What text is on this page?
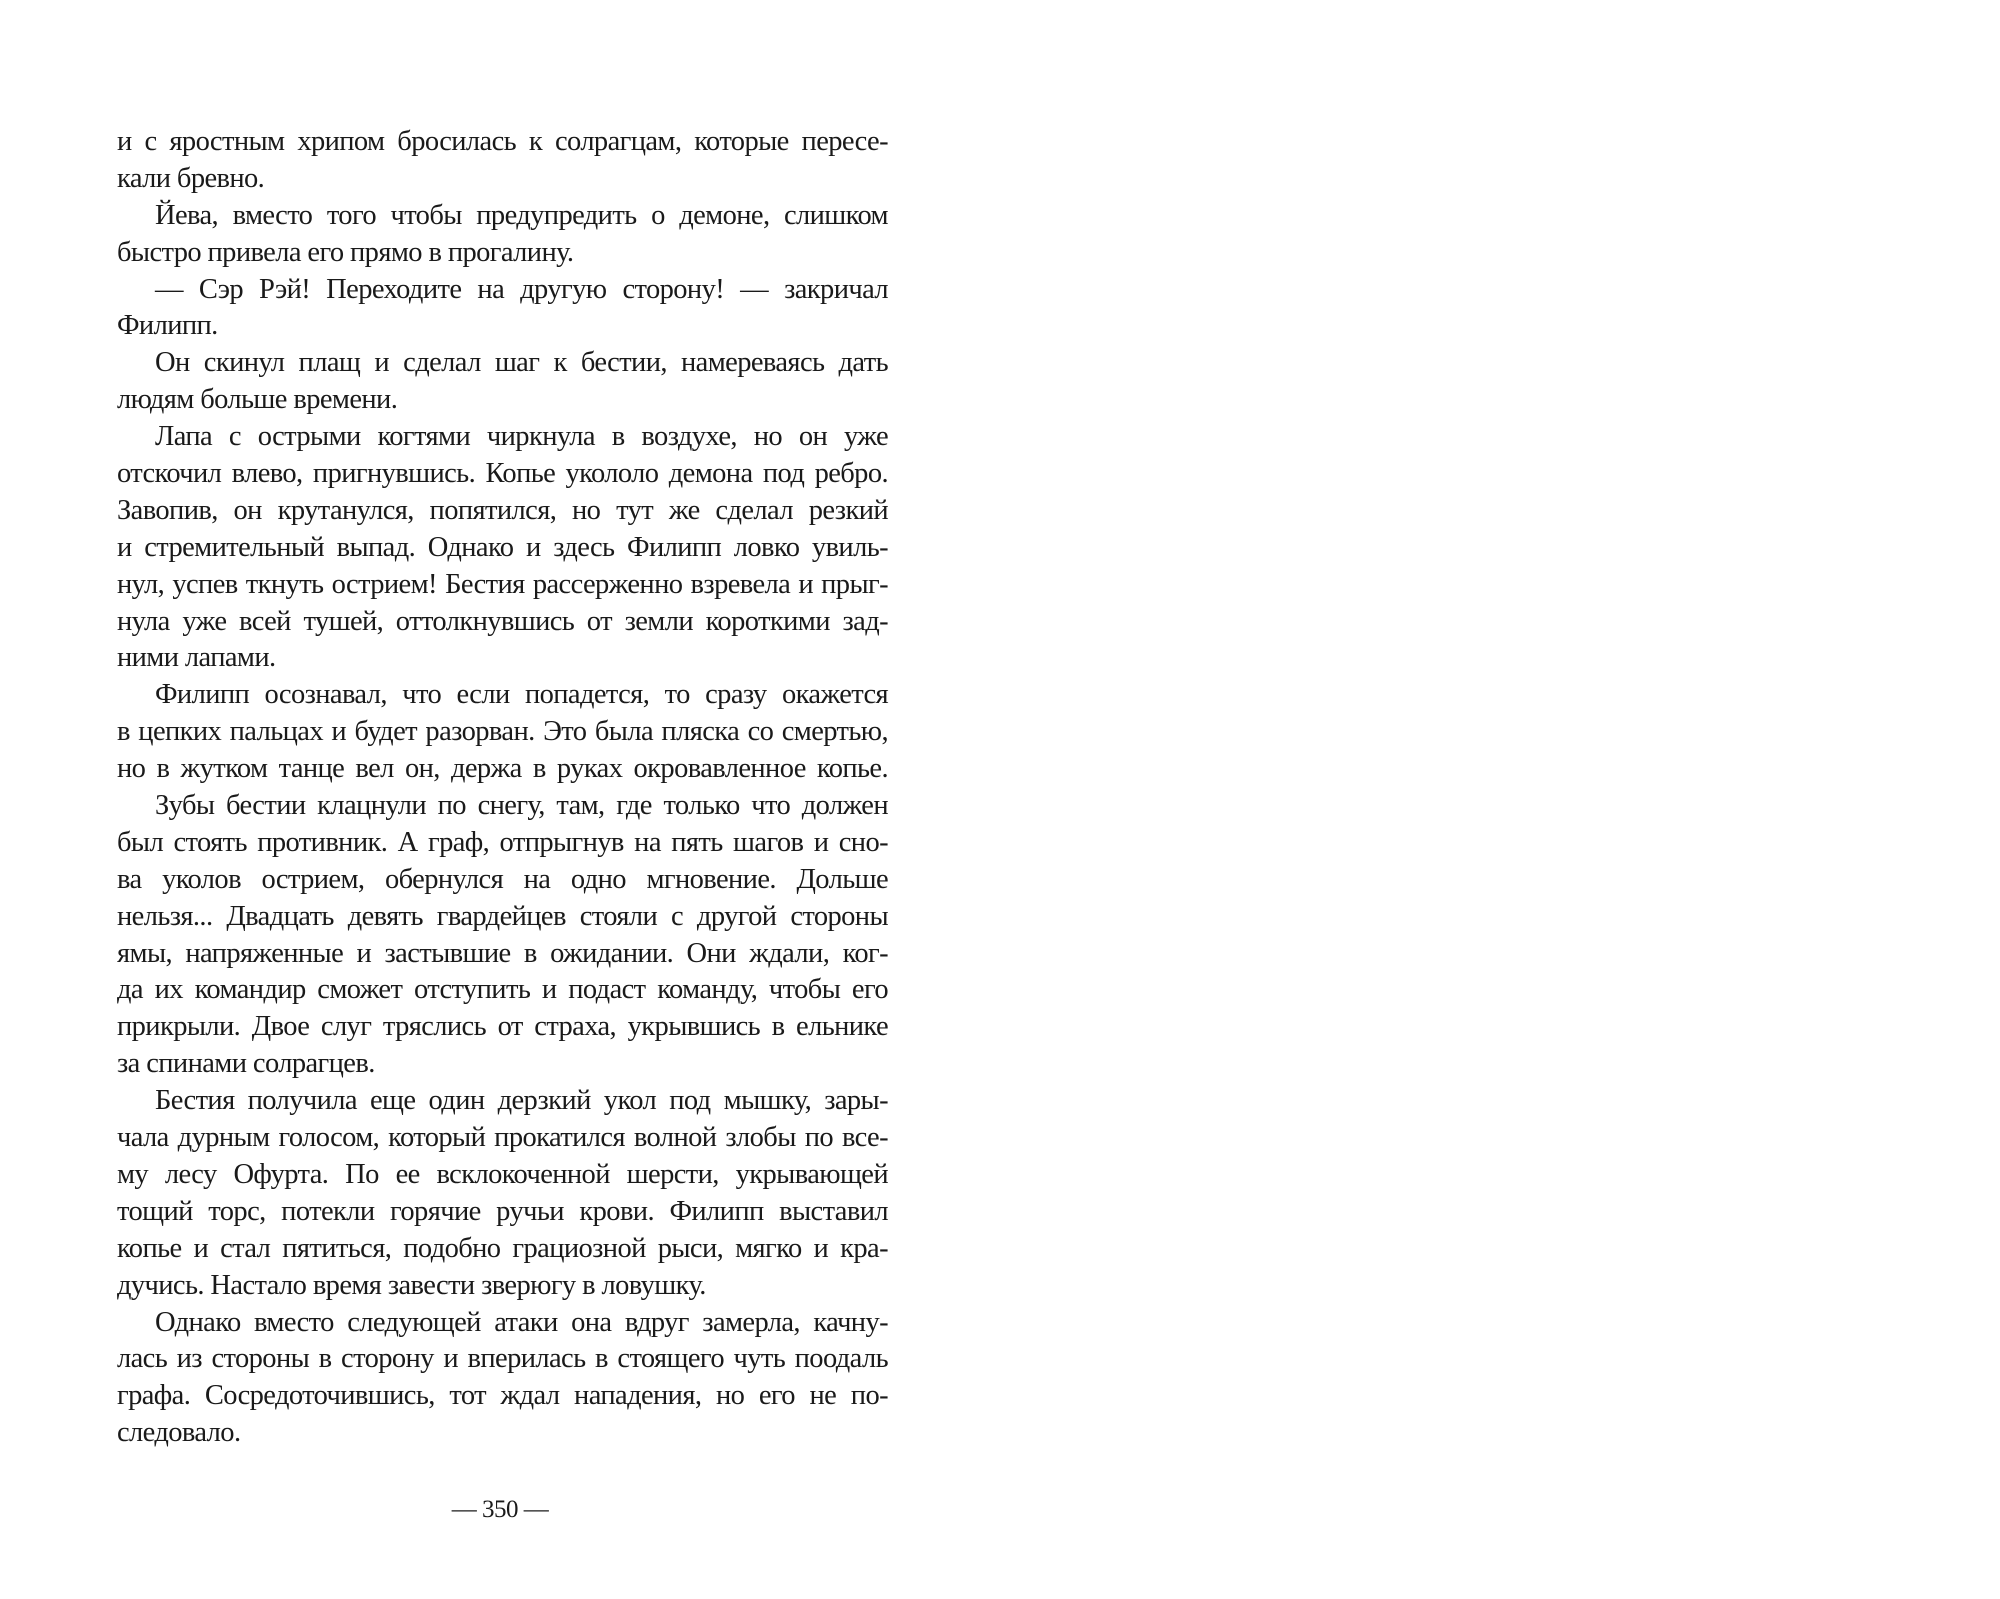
и с яростным хрипом бросилась к солрагцам, которые пересе-
кали бревно.
Йева, вместо того чтобы предупредить о демоне, слишком
быстро привела его прямо в прогалину.
— Сэр Рэй! Переходите на другую сторону! — закричал
Филипп.
Он скинул плащ и сделал шаг к бестии, намереваясь дать
людям больше времени.
Лапа с острыми когтями чиркнула в воздухе, но он уже
отскочил влево, пригнувшись. Копье укололо демона под ребро.
Завопив, он крутанулся, попятился, но тут же сделал резкий
и стремительный выпад. Однако и здесь Филипп ловко увиль-
нул, успев ткнуть острием! Бестия рассерженно взревела и прыг-
нула уже всей тушей, оттолкнувшись от земли короткими зад-
ними лапами.
Филипп осознавал, что если попадется, то сразу окажется
в цепких пальцах и будет разорван. Это была пляска со смертью,
но в жутком танце вел он, держа в руках окровавленное копье.
Зубы бестии клацнули по снегу, там, где только что должен
был стоять противник. А граф, отпрыгнув на пять шагов и сно-
ва уколов острием, обернулся на одно мгновение. Дольше
нельзя... Двадцать девять гвардейцев стояли с другой стороны
ямы, напряженные и застывшие в ожидании. Они ждали, ког-
да их командир сможет отступить и подаст команду, чтобы его
прикрыли. Двое слуг тряслись от страха, укрывшись в ельнике
за спинами солрагцев.
Бестия получила еще один дерзкий укол под мышку, зары-
чала дурным голосом, который прокатился волной злобы по все-
му лесу Офурта. По ее всклокоченной шерсти, укрывающей
тощий торс, потекли горячие ручьи крови. Филипп выставил
копье и стал пятиться, подобно грациозной рыси, мягко и кра-
дучись. Настало время завести зверюгу в ловушку.
Однако вместо следующей атаки она вдруг замерла, качну-
лась из стороны в сторону и вперилась в стоящего чуть поодаль
графа. Сосредоточившись, тот ждал нападения, но его не по-
следовало.
— 350 —
